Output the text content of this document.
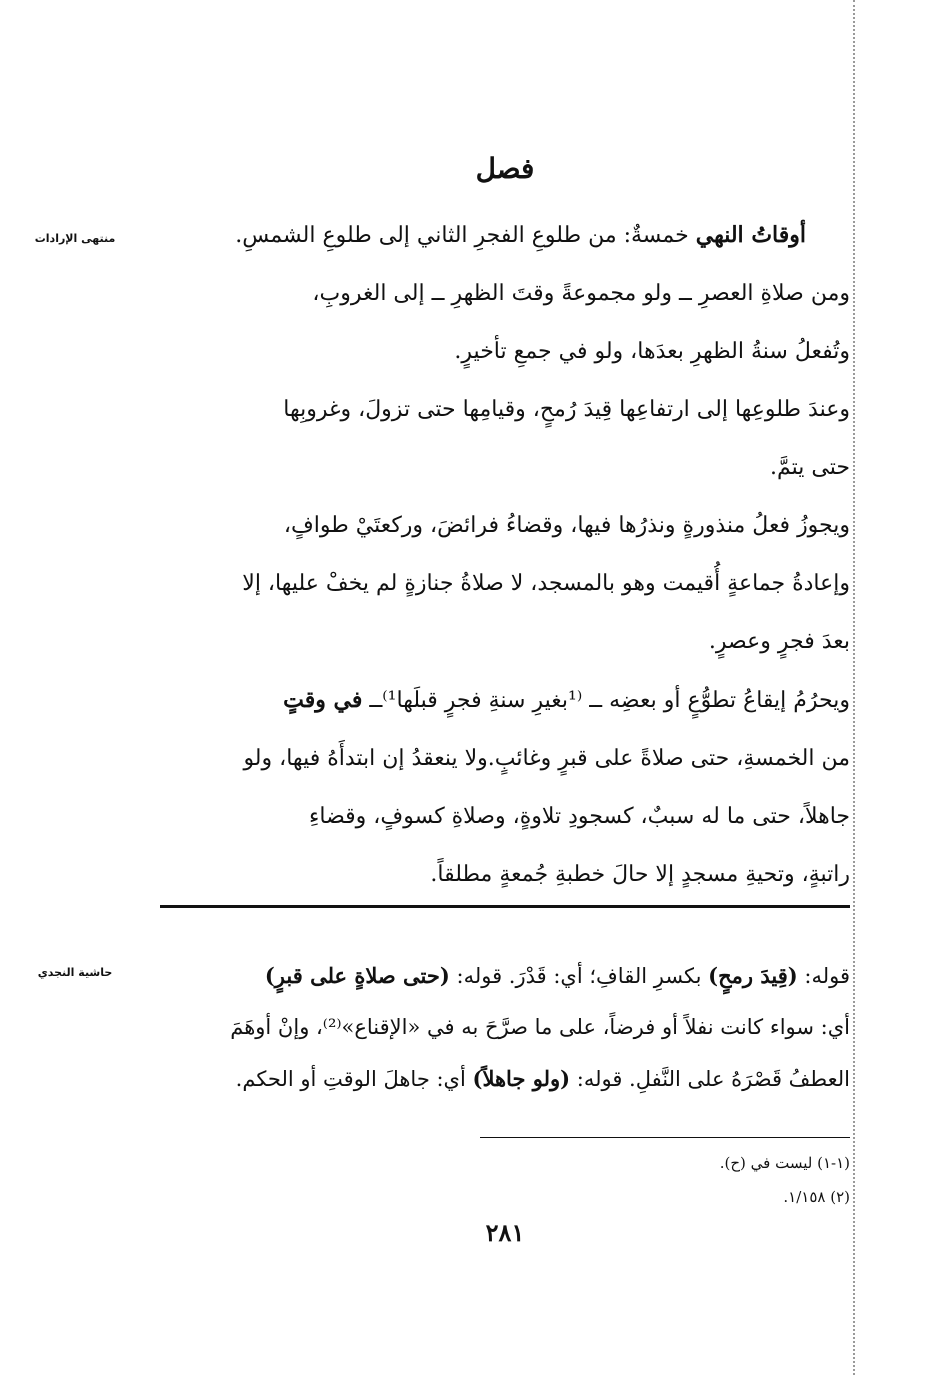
فصل
منتهى الإرادات	أوقاتُ النهي خمسةٌ: من طلوعِ الفجرِ الثاني إلى طلوعِ الشمسِ.

ومن صلاةِ العصرِ ــ ولو مجموعةً وقتَ الظهرِ ــ إلى الغروبِ،
وتُفعلُ سنةُ الظهرِ بعدَها، ولو في جمعِ تأخيرٍ.

وعندَ طلوعِها إلى ارتفاعِها قِيدَ رُمحٍ، وقيامِها حتى تزولَ، وغروبِها
حتى يتمَّ.

ويجوزُ فعلُ منذورةٍ ونذرُها فيها، وقضاءُ فرائضَ، وركعتَيْ طوافٍ،
وإعادةُ جماعةٍ أُقيمت وهو بالمسجد، لا صلاةُ جنازةٍ لم يخفْ عليها، إلا
بعدَ فجرٍ وعصرٍ.

ويحرُمُ إيقاعُ تطوُّعٍ أو بعضِه ــ ⁽¹بغيرِ سنةِ فجرٍ قبلَها¹⁾ــ في وقتٍ
من الخمسةِ، حتى صلاةً على قبرٍ وغائبٍ.ولا ينعقدُ إن ابتدأَهُ فيها، ولو
جاهلاً، حتى ما له سببٌ، كسجودِ تلاوةٍ، وصلاةِ كسوفٍ، وقضاءِ
راتبةٍ، وتحيةِ مسجدٍ إلا حالَ خطبةِ جُمعةٍ مطلقاً.

حاشية النجدي	قوله: (قِيدَ رمحٍ) بكسرِ القافِ؛ أي: قَدْرَ. قوله: (حتى صلاةٍ على قبرٍ)
أي: سواء كانت نفلاً أو فرضاً، على ما صرَّحَ به في «الإقناع»⁽²⁾، وإنْ أوهَمَ
العطفُ قَصْرَهُ على النَّفلِ. قوله: (ولو جاهلاً) أي: جاهلَ الوقتِ أو الحكم.
(١-١) ليست في (ح).
(٢) ١/١٥٨.
٢٨١
